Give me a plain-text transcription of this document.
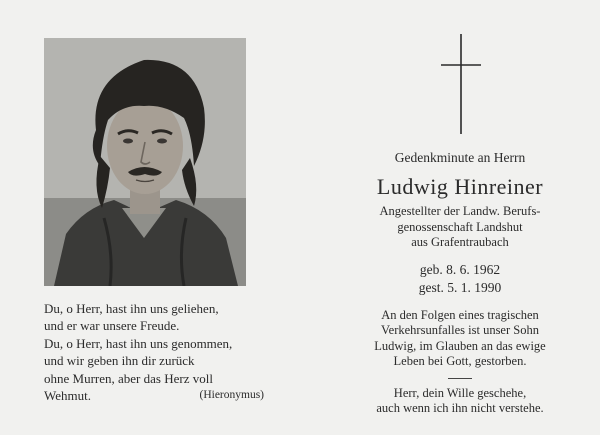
Du, o Herr, hast ihn uns geliehen,
und er war unsere Freude.
Du, o Herr, hast ihn uns genommen,
und wir geben ihn dir zurück
ohne Murren, aber das Herz voll
Wehmut.	(Hieronymus)
Gedenkminute an Herrn
Ludwig Hinreiner
Angestellter der Landw. Berufs-
genossenschaft Landshut
aus Grafentraubach
geb. 8. 6. 1962
gest. 5. 1. 1990
An den Folgen eines tragischen
Verkehrsunfalles ist unser Sohn
Ludwig, im Glauben an das ewige
Leben bei Gott, gestorben.
Herr, dein Wille geschehe,
auch wenn ich ihn nicht verstehe.
